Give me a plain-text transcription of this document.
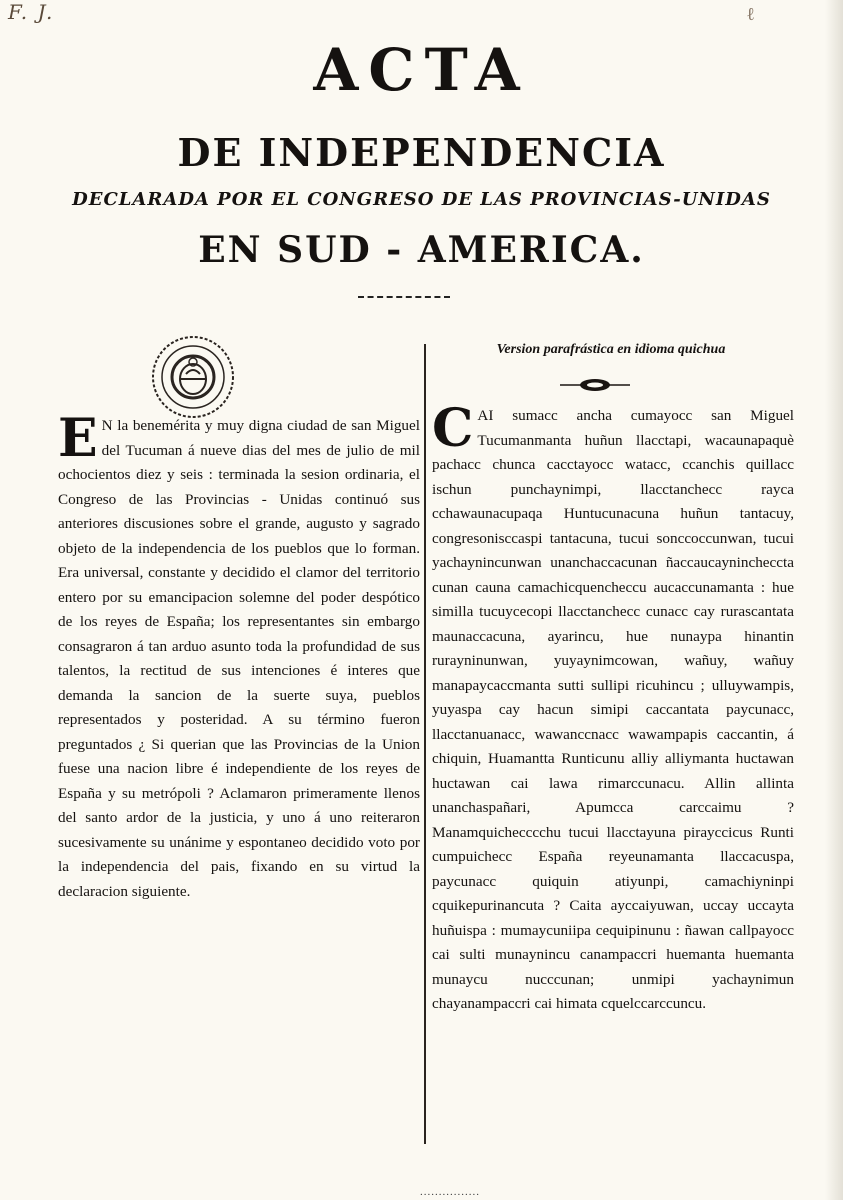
F. J.	ℓ
ACTA
DE INDEPENDENCIA
DECLARADA POR EL CONGRESO DE LAS PROVINCIAS-UNIDAS
EN SUD - AMERICA.
Version parafrástica en idioma quichua

E N la benemérita y muy digna ciudad de san Miguel del Tucuman á nueve dias del mes de julio de mil ochocientos diez y seis : terminada la sesion ordinaria, el Congreso de las Provincias - Unidas continuó sus anteriores discusiones sobre el grande, augusto y sagrado objeto de la independencia de los pueblos que lo forman. Era universal, constante y decidido el clamor del territorio entero por su emancipacion solemne del poder despótico de los reyes de España; los representantes sin embargo consagraron á tan arduo asunto toda la profundidad de sus talentos, la rectitud de sus intenciones é interes que demanda la sancion de la suerte suya, pueblos representados y posteridad. A su término fueron preguntados ¿ Si querian que las Provincias de la Union fuese una nacion libre é independiente de los reyes de España y su metrópoli ? Aclamaron primeramente llenos del santo ardor de la justicia, y uno á uno reiteraron sucesivamente su unánime y espontaneo decidido voto por la independencia del pais, fixando en su virtud la declaracion siguiente.

CAI sumacc ancha cumayocc san Miguel Tucumanmanta huñun llacctapi, wacaunapaquè pachacc chunca cacctayocc watacc, ccanchis quillacc ischun punchaynimpi, llacctanchecc rayca cchawaunacupaqa Huntucunacuna huñun tantacuy, congresonisccaspi tantacuna, tucui sonccoccunwan, tucui yachaynincunwan unanchaccacunan ñaccaucaynincheccta cunan cauna camachicquencheccu aucaccunamanta : hue similla tucuycecopi llacctanchecc cunacc cay rurascantata maunaccacuna, ayarincu, hue nunaypa hinantin rurayninunwan, yuyaynimcowan, wañuy, wañuy manapaycaccmanta sutti sullipi ricuhincu ; ulluywampis, yuyaspa cay hacun simipi caccantata paycunacc, llacctanuanacc, wawanccnacc wawampapis caccantin, á chiquin, Huamantta Runticunu alliy alliymanta huctawan huctawan cai lawa rimarccunacu. Allin allinta unanchaspañari, Apumcca carccaimu ? Manamquichecccchu tucui llacctayuna pirayccicus Runti cumpuichecc España reyeunamanta llaccacuspa, paycunacc quiquin atiyunpi, camachiyninpi cquikepurinancuta ? Caita ayccaiyuwan, uccay uccayta huñuispa : mumaycuniipa cequipinunu : ñawan callpayocc cai sulti munaynincu canampaccri huemanta huemanta munaycu nucccunan; unmipi yachaynimun chayanampaccri cai himata cquelccarccuncu.

................
